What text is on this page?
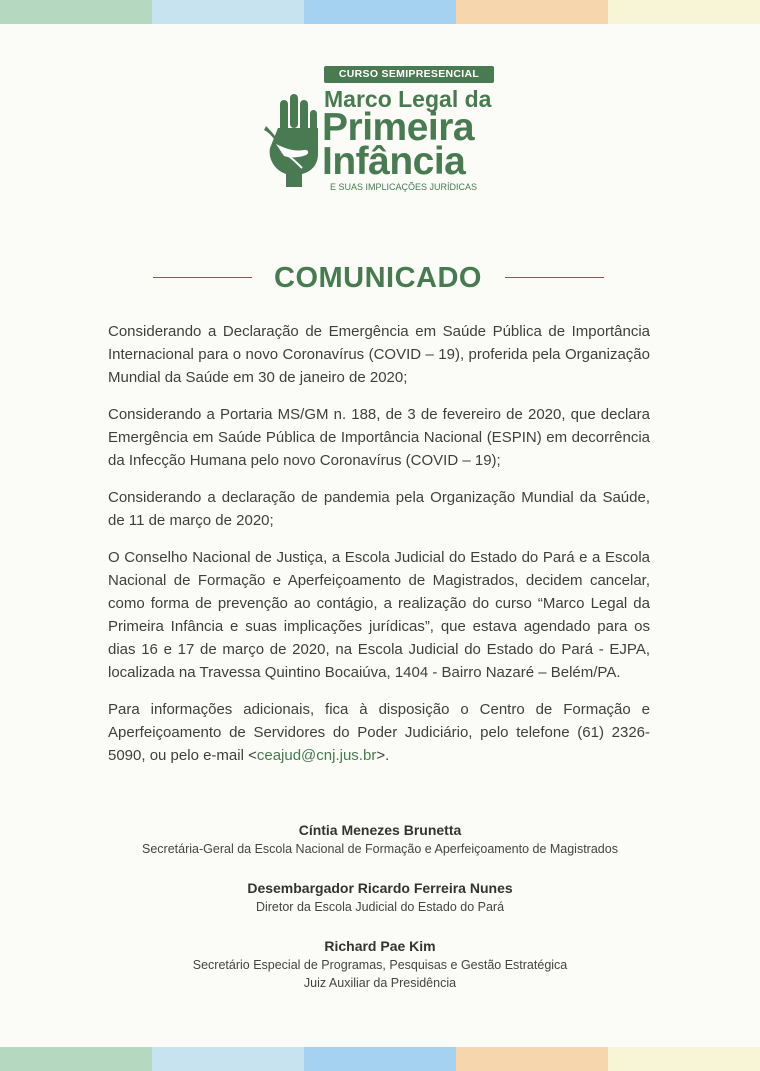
CURSO SEMIPRESENCIAL
Marco Legal da
Primeira
Infância
E SUAS IMPLICAÇÕES JURÍDICAS
COMUNICADO

Considerando a Declaração de Emergência em Saúde Pública de Importância Internacional para o novo Coronavírus (COVID – 19), proferida pela Organização Mundial da Saúde em 30 de janeiro de 2020;

Considerando a Portaria MS/GM n. 188, de 3 de fevereiro de 2020, que declara Emergência em Saúde Pública de Importância Nacional (ESPIN) em decorrência da Infecção Humana pelo novo Coronavírus (COVID – 19);

Considerando a declaração de pandemia pela Organização Mundial da Saúde, de 11 de março de 2020;

O Conselho Nacional de Justiça, a Escola Judicial do Estado do Pará e a Escola Nacional de Formação e Aperfeiçoamento de Magistrados, decidem cancelar, como forma de prevenção ao contágio, a realização do curso “Marco Legal da Primeira Infância e suas implicações jurídicas”, que estava agendado para os dias 16 e 17 de março de 2020, na Escola Judicial do Estado do Pará - EJPA, localizada na Travessa Quintino Bocaiúva, 1404 - Bairro Nazaré – Belém/PA.

Para informações adicionais, fica à disposição o Centro de Formação e Aperfeiçoamento de Servidores do Poder Judiciário, pelo telefone (61) 2326-5090, ou pelo e-mail <ceajud@cnj.jus.br>.

Cíntia Menezes Brunetta
Secretária-Geral da Escola Nacional de Formação e Aperfeiçoamento de Magistrados
Desembargador Ricardo Ferreira Nunes
Diretor da Escola Judicial do Estado do Pará
Richard Pae Kim
Secretário Especial de Programas, Pesquisas e Gestão Estratégica
Juiz Auxiliar da Presidência
